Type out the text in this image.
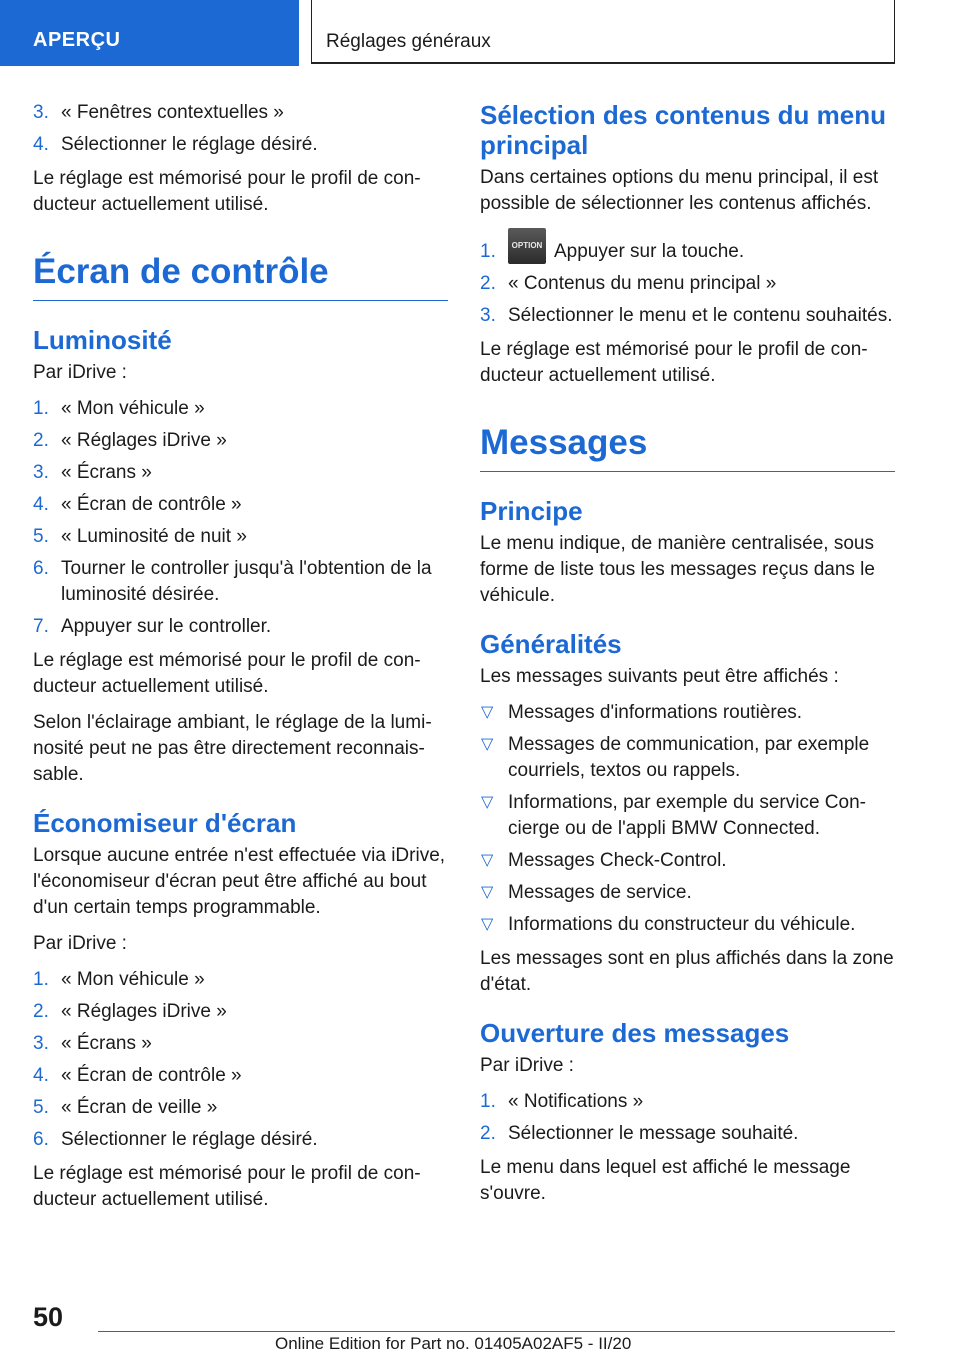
APERÇU	Réglages généraux
3. « Fenêtres contextuelles »
4. Sélectionner le réglage désiré.

Le réglage est mémorisé pour le profil de conducteur actuellement utilisé.

Écran de contrôle
Luminosité

Par iDrive :

1. « Mon véhicule »
2. « Réglages iDrive »
3. « Écrans »
4. « Écran de contrôle »
5. « Luminosité de nuit »
6. Tourner le controller jusqu'à l'obtention de la luminosité désirée.
7. Appuyer sur le controller.

Le réglage est mémorisé pour le profil de conducteur actuellement utilisé.

Selon l'éclairage ambiant, le réglage de la luminosité peut ne pas être directement reconnaissable.

Économiseur d'écran

Lorsque aucune entrée n'est effectuée via iDrive, l'économiseur d'écran peut être affiché au bout d'un certain temps programmable.

Par iDrive :

1. « Mon véhicule »
2. « Réglages iDrive »
3. « Écrans »
4. « Écran de contrôle »
5. « Écran de veille »
6. Sélectionner le réglage désiré.

Le réglage est mémorisé pour le profil de conducteur actuellement utilisé.

Sélection des contenus du menu principal

Dans certaines options du menu principal, il est possible de sélectionner les contenus affichés.

1. OPTION Appuyer sur la touche.
2. « Contenus du menu principal »
3. Sélectionner le menu et le contenu souhaités.

Le réglage est mémorisé pour le profil de conducteur actuellement utilisé.

Messages
Principe

Le menu indique, de manière centralisée, sous forme de liste tous les messages reçus dans le véhicule.

Généralités

Les messages suivants peut être affichés :

▽ Messages d'informations routières.
▽ Messages de communication, par exemple courriels, textos ou rappels.
▽ Informations, par exemple du service Concierge ou de l'appli BMW Connected.
▽ Messages Check-Control.
▽ Messages de service.
▽ Informations du constructeur du véhicule.

Les messages sont en plus affichés dans la zone d'état.

Ouverture des messages

Par iDrive :

1. « Notifications »
2. Sélectionner le message souhaité.

Le menu dans lequel est affiché le message s'ouvre.

50
Online Edition for Part no. 01405A02AF5 - II/20
